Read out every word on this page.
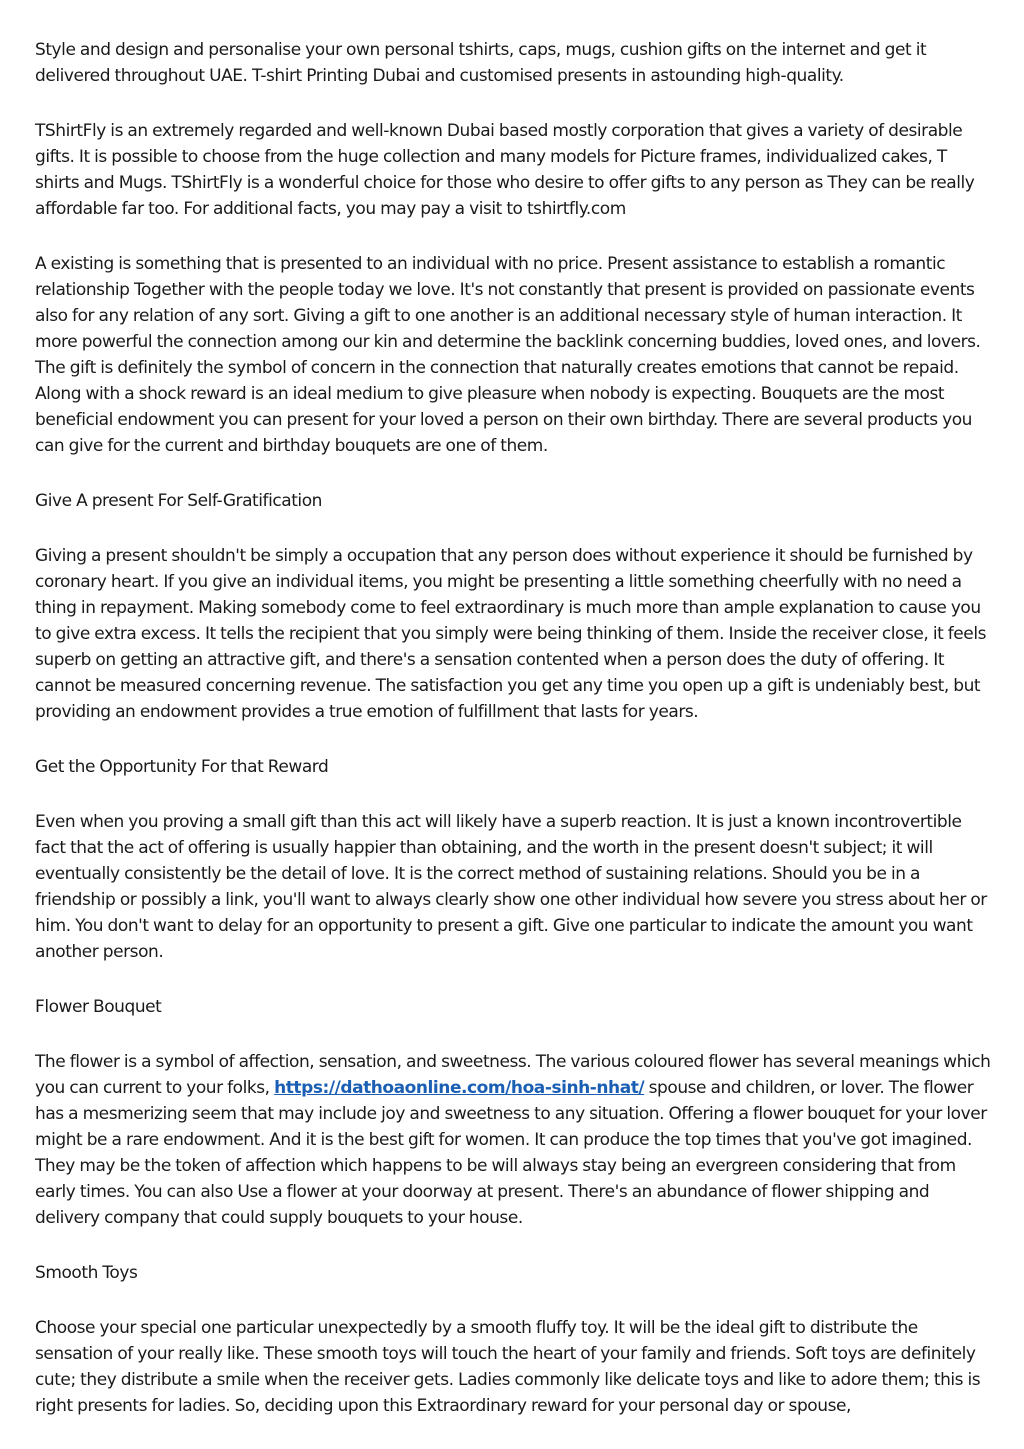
Style and design and personalise your own personal tshirts, caps, mugs, cushion gifts on the internet and get it delivered throughout UAE. T-shirt Printing Dubai and customised presents in astounding high-quality.

TShirtFly is an extremely regarded and well-known Dubai based mostly corporation that gives a variety of desirable gifts. It is possible to choose from the huge collection and many models for Picture frames, individualized cakes, T shirts and Mugs. TShirtFly is a wonderful choice for those who desire to offer gifts to any person as They can be really affordable far too. For additional facts, you may pay a visit to tshirtfly.com

A existing is something that is presented to an individual with no price. Present assistance to establish a romantic relationship Together with the people today we love. It's not constantly that present is provided on passionate events also for any relation of any sort. Giving a gift to one another is an additional necessary style of human interaction. It more powerful the connection among our kin and determine the backlink concerning buddies, loved ones, and lovers. The gift is definitely the symbol of concern in the connection that naturally creates emotions that cannot be repaid. Along with a shock reward is an ideal medium to give pleasure when nobody is expecting. Bouquets are the most beneficial endowment you can present for your loved a person on their own birthday. There are several products you can give for the current and birthday bouquets are one of them.

Give A present For Self-Gratification

Giving a present shouldn't be simply a occupation that any person does without experience it should be furnished by coronary heart. If you give an individual items, you might be presenting a little something cheerfully with no need a thing in repayment. Making somebody come to feel extraordinary is much more than ample explanation to cause you to give extra excess. It tells the recipient that you simply were being thinking of them. Inside the receiver close, it feels superb on getting an attractive gift, and there's a sensation contented when a person does the duty of offering. It cannot be measured concerning revenue. The satisfaction you get any time you open up a gift is undeniably best, but providing an endowment provides a true emotion of fulfillment that lasts for years.

Get the Opportunity For that Reward

Even when you proving a small gift than this act will likely have a superb reaction. It is just a known incontrovertible fact that the act of offering is usually happier than obtaining, and the worth in the present doesn't subject; it will eventually consistently be the detail of love. It is the correct method of sustaining relations. Should you be in a friendship or possibly a link, you'll want to always clearly show one other individual how severe you stress about her or him. You don't want to delay for an opportunity to present a gift. Give one particular to indicate the amount you want another person.

Flower Bouquet

The flower is a symbol of affection, sensation, and sweetness. The various coloured flower has several meanings which you can current to your folks, https://dathoaonline.com/hoa-sinh-nhat/ spouse and children, or lover. The flower has a mesmerizing seem that may include joy and sweetness to any situation. Offering a flower bouquet for your lover might be a rare endowment. And it is the best gift for women. It can produce the top times that you've got imagined. They may be the token of affection which happens to be will always stay being an evergreen considering that from early times. You can also Use a flower at your doorway at present. There's an abundance of flower shipping and delivery company that could supply bouquets to your house.

Smooth Toys

Choose your special one particular unexpectedly by a smooth fluffy toy. It will be the ideal gift to distribute the sensation of your really like. These smooth toys will touch the heart of your family and friends. Soft toys are definitely cute; they distribute a smile when the receiver gets. Ladies commonly like delicate toys and like to adore them; this is right presents for ladies. So, deciding upon this Extraordinary reward for your personal day or spouse,
